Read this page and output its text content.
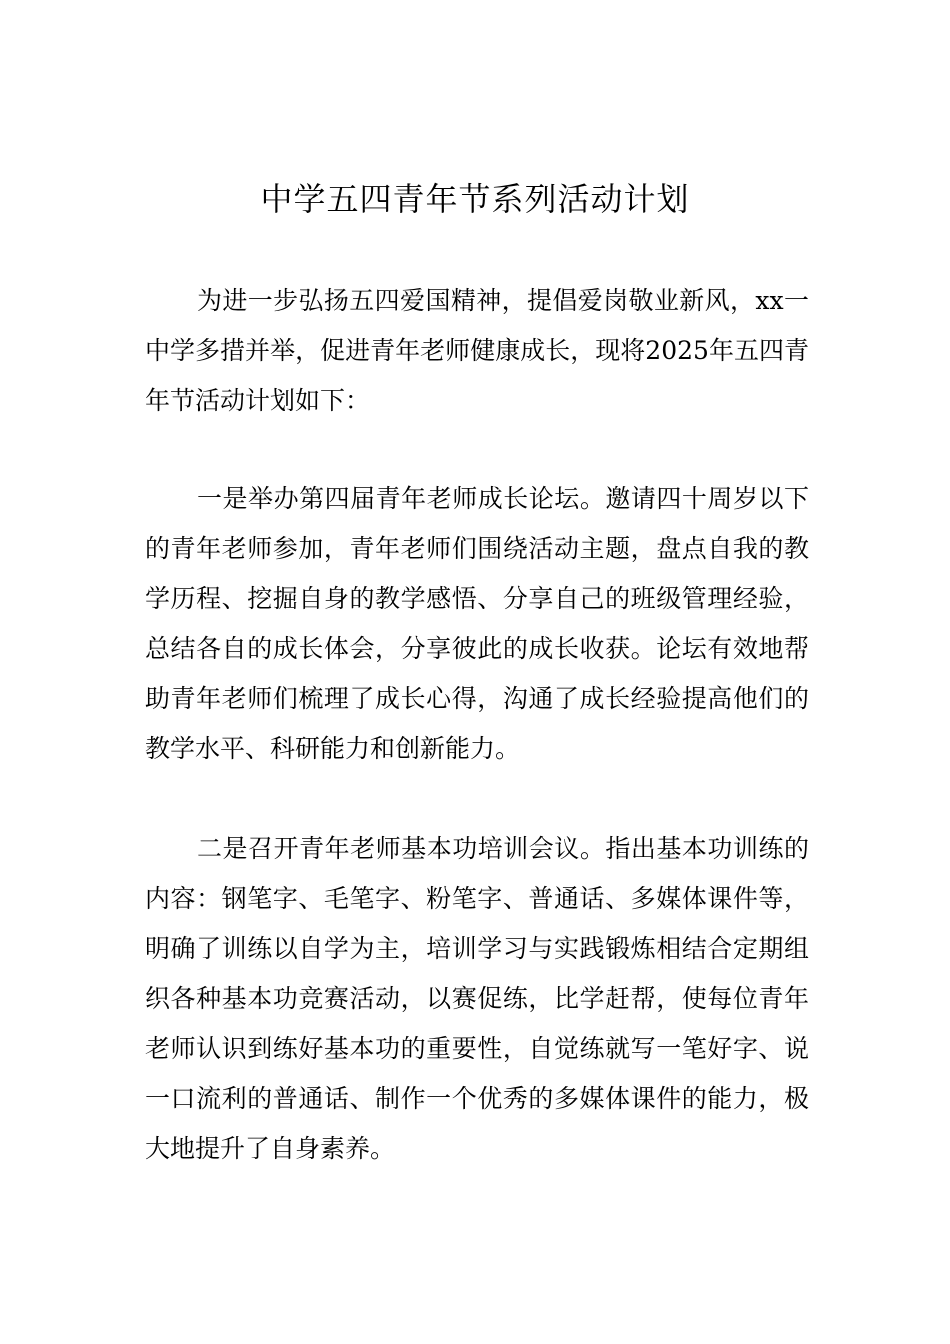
中学五四青年节系列活动计划

为进一步弘扬五四爱国精神，提倡爱岗敬业新风，xx一中学多措并举，促进青年老师健康成长，现将2025年五四青年节活动计划如下：

一是举办第四届青年老师成长论坛。邀请四十周岁以下的青年老师参加，青年老师们围绕活动主题，盘点自我的教学历程、挖掘自身的教学感悟、分享自己的班级管理经验，总结各自的成长体会，分享彼此的成长收获。论坛有效地帮助青年老师们梳理了成长心得，沟通了成长经验提高他们的教学水平、科研能力和创新能力。

二是召开青年老师基本功培训会议。指出基本功训练的内容：钢笔字、毛笔字、粉笔字、普通话、多媒体课件等，明确了训练以自学为主，培训学习与实践锻炼相结合定期组织各种基本功竞赛活动，以赛促练，比学赶帮，使每位青年老师认识到练好基本功的重要性，自觉练就写一笔好字、说一口流利的普通话、制作一个优秀的多媒体课件的能力，极大地提升了自身素养。
